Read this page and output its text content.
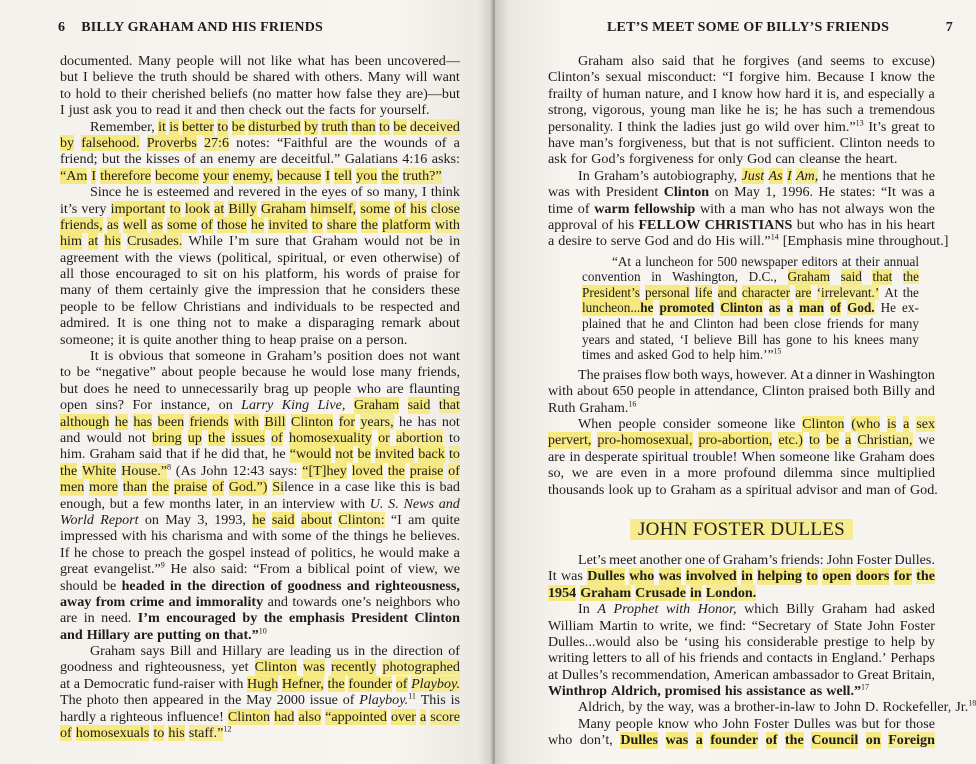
6 BILLY GRAHAM AND HIS FRIENDS
documented. Many people will not like what has been uncovered—
but I believe the truth should be shared with others. Many will want
to hold to their cherished beliefs (no matter how false they are)—but
I just ask you to read it and then check out the facts for yourself.
Remember, it is better to be disturbed by truth than to be deceived
by falsehood. Proverbs 27:6 notes: “Faithful are the wounds of a
friend; but the kisses of an enemy are deceitful.” Galatians 4:16 asks:
“Am I therefore become your enemy, because I tell you the truth?”
Since he is esteemed and revered in the eyes of so many, I think
it’s very important to look at Billy Graham himself, some of his close
friends, as well as some of those he invited to share the platform with
him at his Crusades. While I’m sure that Graham would not be in
agreement with the views (political, spiritual, or even otherwise) of
all those encouraged to sit on his platform, his words of praise for
many of them certainly give the impression that he considers these
people to be fellow Christians and individuals to be respected and
admired. It is one thing not to make a disparaging remark about
someone; it is quite another thing to heap praise on a person.
It is obvious that someone in Graham’s position does not want
to be “negative” about people because he would lose many friends,
but does he need to unnecessarily brag up people who are flaunting
open sins? For instance, on Larry King Live, Graham said that
although he has been friends with Bill Clinton for years, he has not
and would not bring up the issues of homosexuality or abortion to
him. Graham said that if he did that, he “would not be invited back to
the White House.”$^8$ (As John 12:43 says: “[T]hey loved the praise of
men more than the praise of God.”) Silence in a case like this is bad
enough, but a few months later, in an interview with U. S. News and
World Report on May 3, 1993, he said about Clinton: “I am quite
impressed with his charisma and with some of the things he believes.
If he chose to preach the gospel instead of politics, he would make a
great evangelist.”$^9$ He also said: “From a biblical point of view, we
should be headed in the direction of goodness and righteousness,
away from crime and immorality and towards one’s neighbors who
are in need. I’m encouraged by the emphasis President Clinton
and Hillary are putting on that.”$^{10}$
Graham says Bill and Hillary are leading us in the direction of
goodness and righteousness, yet Clinton was recently photographed
at a Democratic fund-raiser with Hugh Hefner, the founder of Playboy.
The photo then appeared in the May 2000 issue of Playboy.$^{11}$ This is
hardly a righteous influence! Clinton had also “appointed over a score
of homosexuals to his staff.”$^{12}$
LET’S MEET SOME OF BILLY’S FRIENDS	7
Graham also said that he forgives (and seems to excuse)
Clinton’s sexual misconduct: “I forgive him. Because I know the
frailty of human nature, and I know how hard it is, and especially a
strong, vigorous, young man like he is; he has such a tremendous
personality. I think the ladies just go wild over him.”$^{13}$ It’s great to
have man’s forgiveness, but that is not sufficient. Clinton needs to
ask for God’s forgiveness for only God can cleanse the heart.
In Graham’s autobiography, Just As I Am, he mentions that he
was with President Clinton on May 1, 1996. He states: “It was a
time of warm fellowship with a man who has not always won the
approval of his FELLOW CHRISTIANS but who has in his heart
a desire to serve God and do His will.”$^{14}$ [Emphasis mine throughout.]
“At a luncheon for 500 newspaper editors at their annual
convention in Washington, D.C., Graham said that the
President’s personal life and character are ‘irrelevant.’ At the
luncheon...he promoted Clinton as a man of God. He ex-
plained that he and Clinton had been close friends for many
years and stated, ‘I believe Bill has gone to his knees many
times and asked God to help him.’”$^{15}$
The praises flow both ways, however. At a dinner in Washington
with about 650 people in attendance, Clinton praised both Billy and
Ruth Graham.$^{16}$
When people consider someone like Clinton (who is a sex
pervert, pro-homosexual, pro-abortion, etc.) to be a Christian, we
are in desperate spiritual trouble! When someone like Graham does
so, we are even in a more profound dilemma since multiplied
thousands look up to Graham as a spiritual advisor and man of God.
JOHN FOSTER DULLES
Let’s meet another one of Graham’s friends: John Foster Dulles.
It was Dulles who was involved in helping to open doors for the
1954 Graham Crusade in London.
In A Prophet with Honor, which Billy Graham had asked
William Martin to write, we find: “Secretary of State John Foster
Dulles...would also be ‘using his considerable prestige to help by
writing letters to all of his friends and contacts in England.’ Perhaps
at Dulles’s recommendation, American ambassador to Great Britain,
Winthrop Aldrich, promised his assistance as well.”$^{17}$
Aldrich, by the way, was a brother-in-law to John D. Rockefeller, Jr.$^{18}$
Many people know who John Foster Dulles was but for those
who don’t, Dulles was a founder of the Council on Foreign
